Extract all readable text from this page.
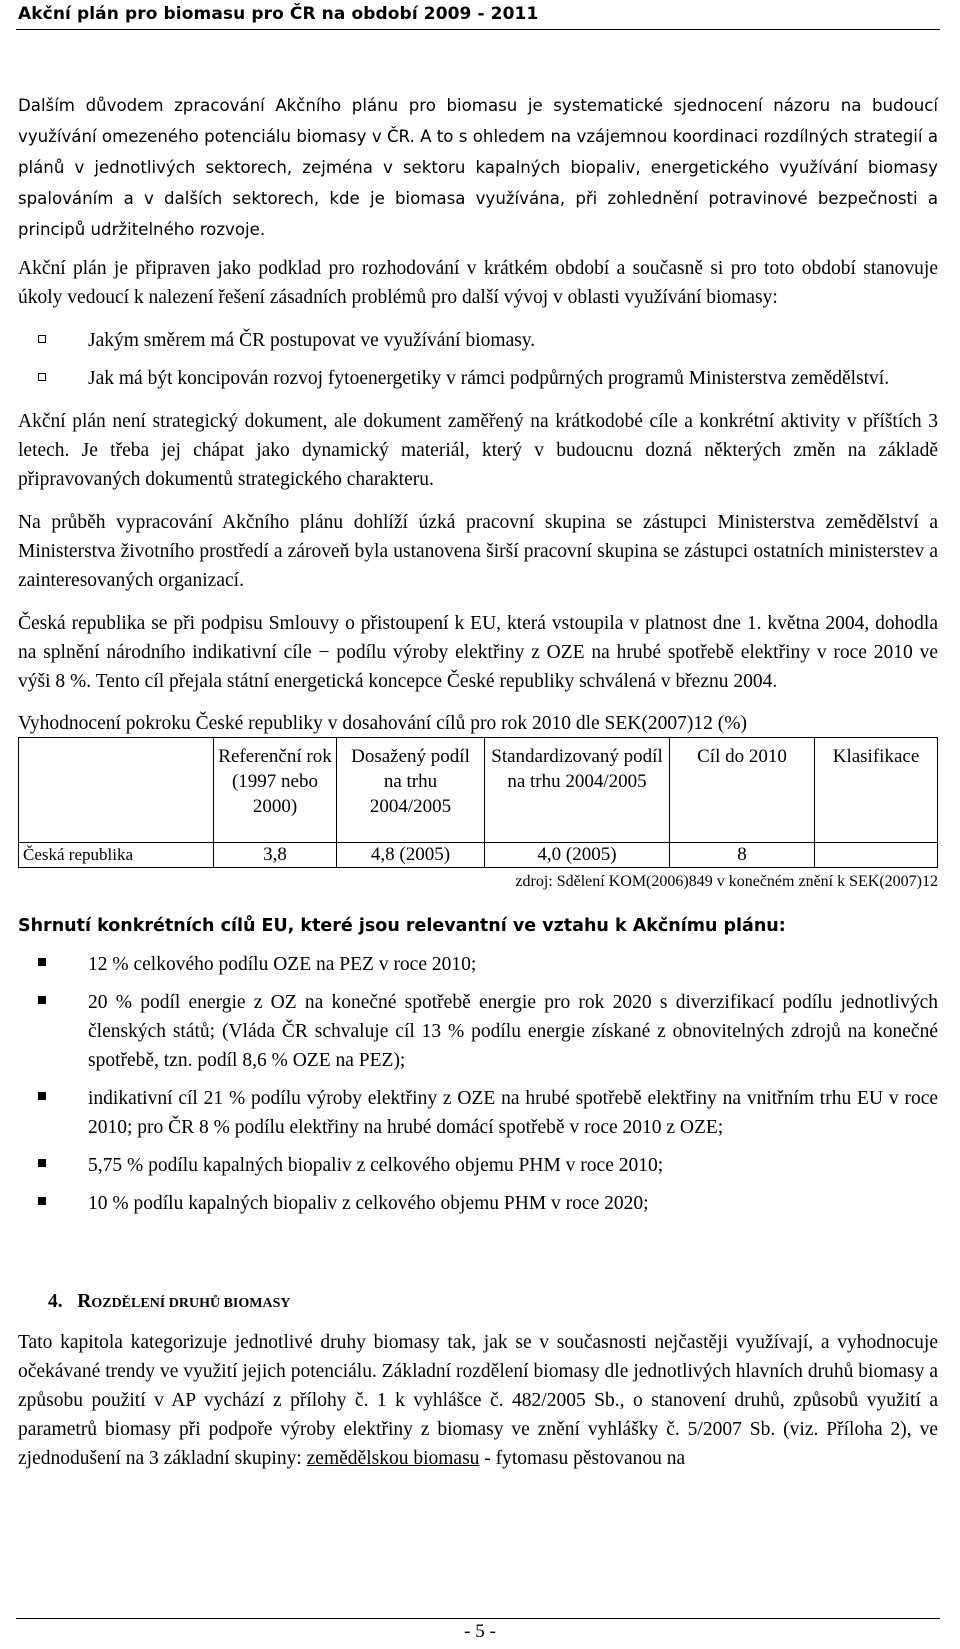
Akční plán pro biomasu pro ČR na období 2009 - 2011

Dalším důvodem zpracování Akčního plánu pro biomasu je systematické sjednocení názoru na budoucí využívání omezeného potenciálu biomasy v ČR. A to s ohledem na vzájemnou koordinaci rozdílných strategií a plánů v jednotlivých sektorech, zejména v sektoru kapalných biopaliv, energetického využívání biomasy spalováním a v dalších sektorech, kde je biomasa využívána, při zohlednění potravinové bezpečnosti a principů udržitelného rozvoje.

Akční plán je připraven jako podklad pro rozhodování v krátkém období a současně si pro toto období stanovuje úkoly vedoucí k nalezení řešení zásadních problémů pro další vývoj v oblasti využívání biomasy:

Jakým směrem má ČR postupovat ve využívání biomasy.
Jak má být koncipován rozvoj fytoenergetiky v rámci podpůrných programů Ministerstva zemědělství.

Akční plán není strategický dokument, ale dokument zaměřený na krátkodobé cíle a konkrétní aktivity v příštích 3 letech. Je třeba jej chápat jako dynamický materiál, který v budoucnu dozná některých změn na základě připravovaných dokumentů strategického charakteru.

Na průběh vypracování Akčního plánu dohlíží úzká pracovní skupina se zástupci Ministerstva zemědělství a Ministerstva životního prostředí a zároveň byla ustanovena širší pracovní skupina se zástupci ostatních ministerstev a zainteresovaných organizací.

Česká republika se při podpisu Smlouvy o přistoupení k EU, která vstoupila v platnost dne 1. května 2004, dohodla na splnění národního indikativní cíle − podílu výroby elektřiny z OZE na hrubé spotřebě elektřiny v roce 2010 ve výši 8 %. Tento cíl přejala státní energetická koncepce České republiky schválená v březnu 2004.

Vyhodnocení pokroku České republiky v dosahování cílů pro rok 2010 dle SEK(2007)12 (%)

	Referenční rok (1997 nebo 2000)	Dosažený podíl na trhu 2004/2005	Standardizovaný podíl na trhu 2004/2005	Cíl do 2010	Klasifikace
Česká republika	3,8	4,8 (2005)	4,0 (2005)	8	

zdroj: Sdělení KOM(2006)849 v konečném znění k SEK(2007)12

Shrnutí konkrétních cílů EU, které jsou relevantní ve vztahu k Akčnímu plánu:

12 % celkového podílu OZE na PEZ v roce 2010;
20 % podíl energie z OZ na konečné spotřebě energie pro rok 2020 s diverzifikací podílu jednotlivých členských států; (Vláda ČR schvaluje cíl 13 % podílu energie získané z obnovitelných zdrojů na konečné spotřebě, tzn. podíl 8,6 % OZE na PEZ);
indikativní cíl 21 % podílu výroby elektřiny z OZE na hrubé spotřebě elektřiny na vnitřním trhu EU v roce 2010; pro ČR 8 % podílu elektřiny na hrubé domácí spotřebě v roce 2010 z OZE;
5,75 % podílu kapalných biopaliv z celkového objemu PHM v roce 2010;
10 % podílu kapalných biopaliv z celkového objemu PHM v roce 2020;

4. ROZDĚLENÍ DRUHŮ BIOMASY

Tato kapitola kategorizuje jednotlivé druhy biomasy tak, jak se v současnosti nejčastěji využívají, a vyhodnocuje očekávané trendy ve využití jejich potenciálu. Základní rozdělení biomasy dle jednotlivých hlavních druhů biomasy a způsobu použití v AP vychází z přílohy č. 1 k vyhlášce č. 482/2005 Sb., o stanovení druhů, způsobů využití a parametrů biomasy při podpoře výroby elektřiny z biomasy ve znění vyhlášky č. 5/2007 Sb. (viz. Příloha 2), ve zjednodušení na 3 základní skupiny: zemědělskou biomasu - fytomasu pěstovanou na

- 5 -
